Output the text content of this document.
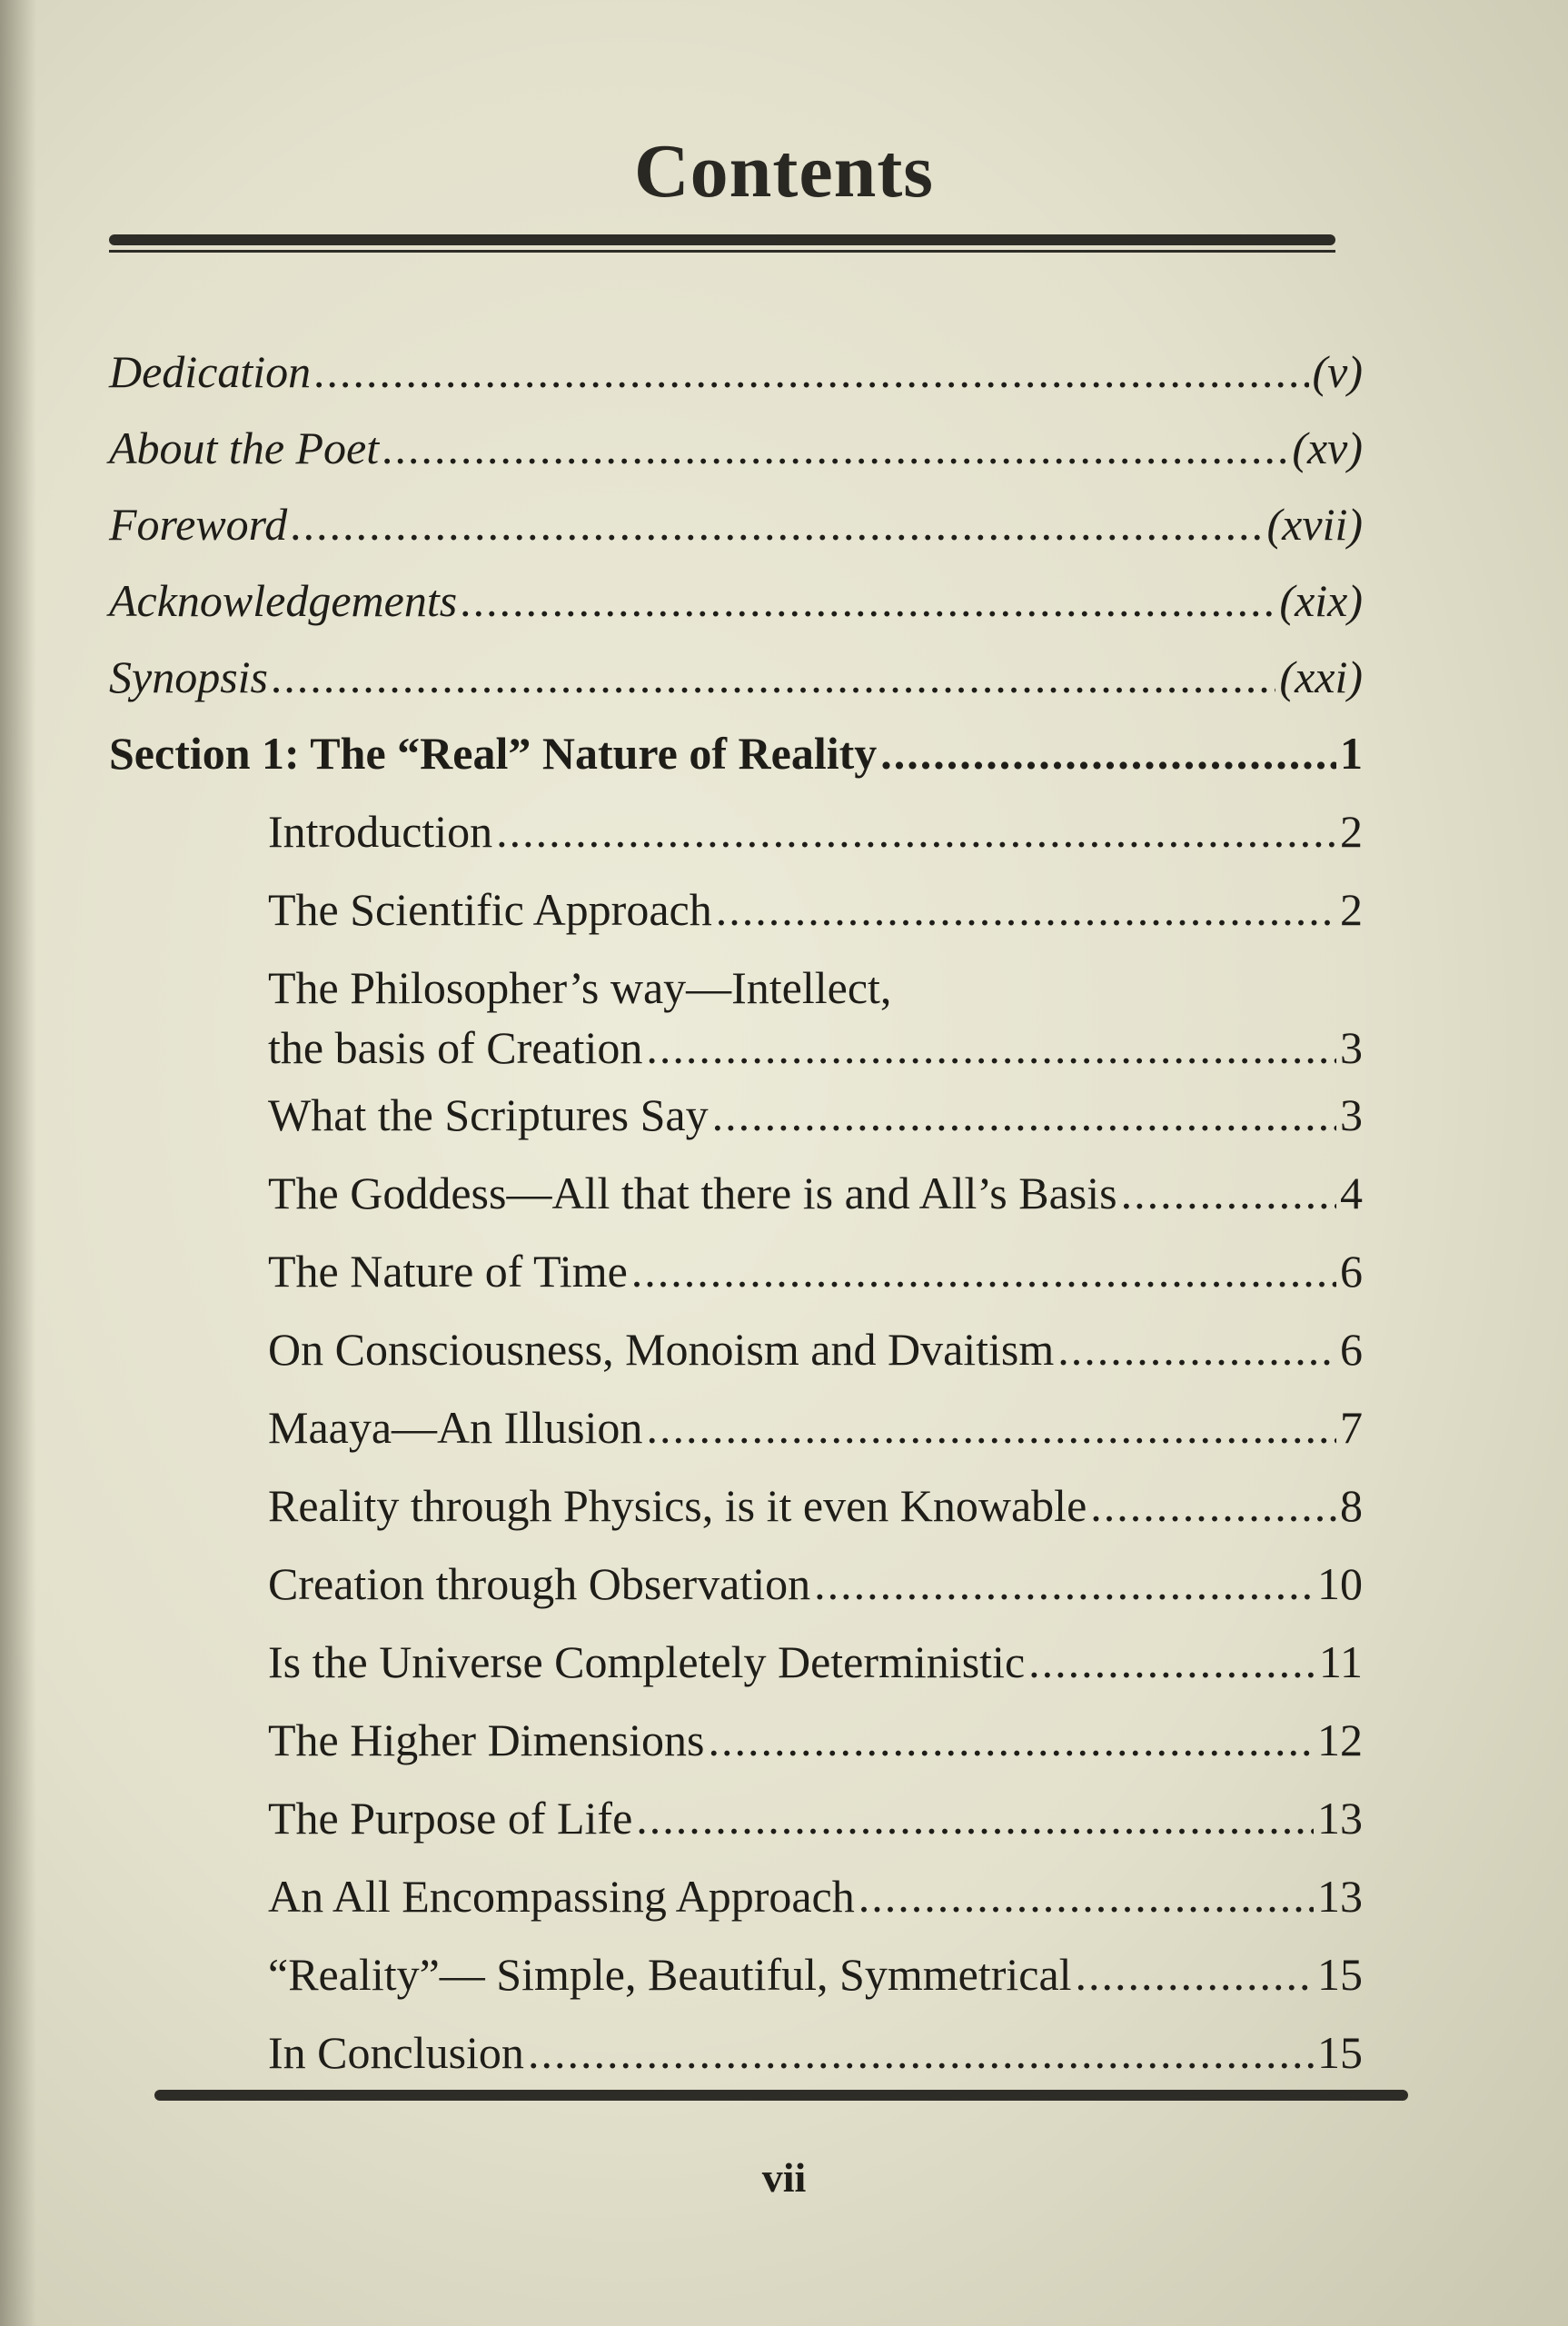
Contents
Dedication .....	(v)
About the Poet .....	(xv)
Foreword .....	(xvii)
Acknowledgements .....	(xix)
Synopsis .....	(xxi)
Section 1: The “Real” Nature of Reality .....	1
Introduction .....	2
The Scientific Approach .....	2
The Philosopher’s way—Intellect,
the basis of Creation .....	3
What the Scriptures Say .....	3
The Goddess—All that there is and All’s Basis .....	4
The Nature of Time .....	6
On Consciousness, Monoism and Dvaitism .....	6
Maaya—An Illusion .....	7
Reality through Physics, is it even Knowable .....	8
Creation through Observation .....	10
Is the Universe Completely Deterministic .....	11
The Higher Dimensions .....	12
The Purpose of Life .....	13
An All Encompassing Approach .....	13
“Reality”— Simple, Beautiful, Symmetrical .....	15
In Conclusion .....	15
vii
